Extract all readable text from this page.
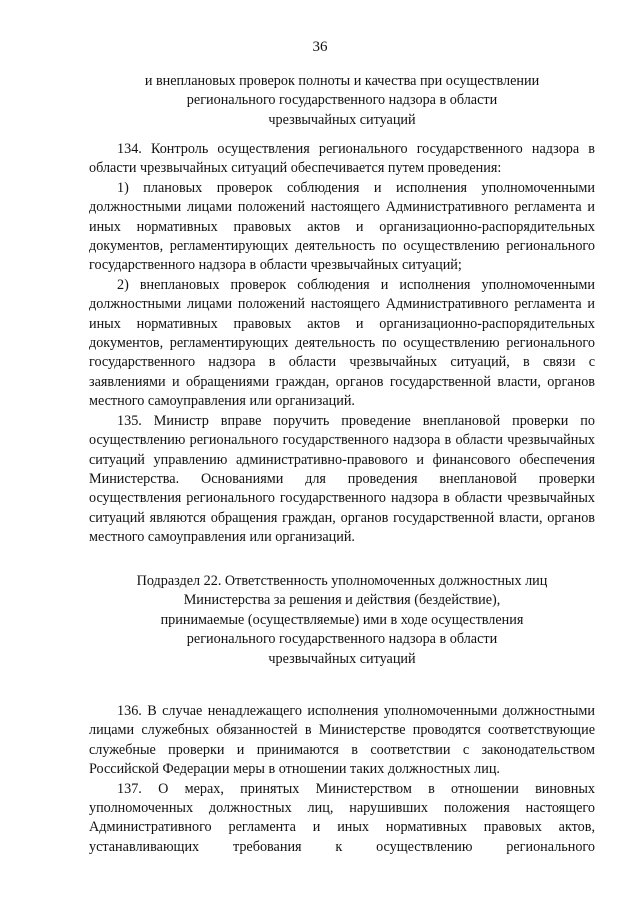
36
и внеплановых проверок полноты и качества при осуществлении
регионального государственного надзора в области
чрезвычайных ситуаций

134. Контроль осуществления регионального государственного надзора в области чрезвычайных ситуаций обеспечивается путем проведения:

1) плановых проверок соблюдения и исполнения уполномоченными должностными лицами положений настоящего Административного регламента и иных нормативных правовых актов и организационно-распорядительных документов, регламентирующих деятельность по осуществлению регионального государственного надзора в области чрезвычайных ситуаций;

2) внеплановых проверок соблюдения и исполнения уполномоченными должностными лицами положений настоящего Административного регламента и иных нормативных правовых актов и организационно-распорядительных документов, регламентирующих деятельность по осуществлению регионального государственного надзора в области чрезвычайных ситуаций, в связи с заявлениями и обращениями граждан, органов государственной власти, органов местного самоуправления или организаций.

135. Министр вправе поручить проведение внеплановой проверки по осуществлению регионального государственного надзора в области чрезвычайных ситуаций управлению административно-правового и финансового обеспечения Министерства. Основаниями для проведения внеплановой проверки осуществления регионального государственного надзора в области чрезвычайных ситуаций являются обращения граждан, органов государственной власти, органов местного самоуправления или организаций.

Подраздел 22. Ответственность уполномоченных должностных лиц
Министерства за решения и действия (бездействие),
принимаемые (осуществляемые) ими в ходе осуществления
регионального государственного надзора в области
чрезвычайных ситуаций

136. В случае ненадлежащего исполнения уполномоченными должностными лицами служебных обязанностей в Министерстве проводятся соответствующие служебные проверки и принимаются в соответствии с законодательством Российской Федерации меры в отношении таких должностных лиц.

137. О мерах, принятых Министерством в отношении виновных уполномоченных должностных лиц, нарушивших положения настоящего Административного регламента и иных нормативных правовых актов, устанавливающих требования к осуществлению регионального
